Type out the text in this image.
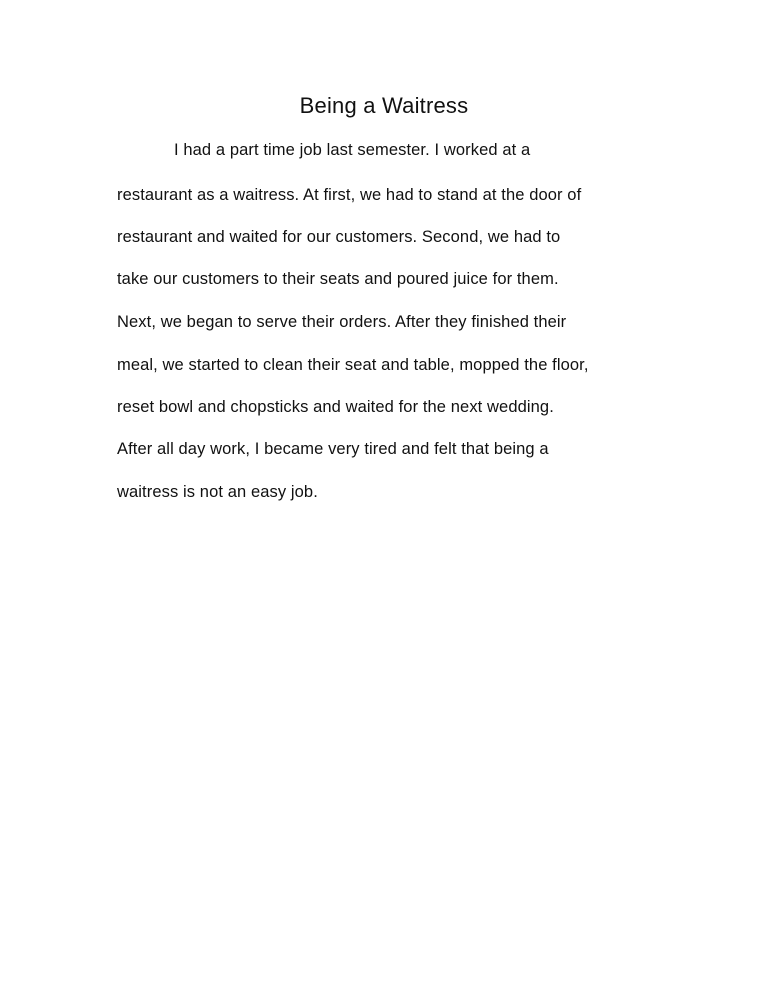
Being a Waitress
I had a part time job last semester. I worked at a
restaurant as a waitress. At first, we had to stand at the door of
restaurant and waited for our customers. Second, we had to
take our customers to their seats and poured juice for them.
Next, we began to serve their orders. After they finished their
meal, we started to clean their seat and table, mopped the floor,
reset bowl and chopsticks and waited for the next wedding.
After all day work, I became very tired and felt that being a
waitress is not an easy job.
